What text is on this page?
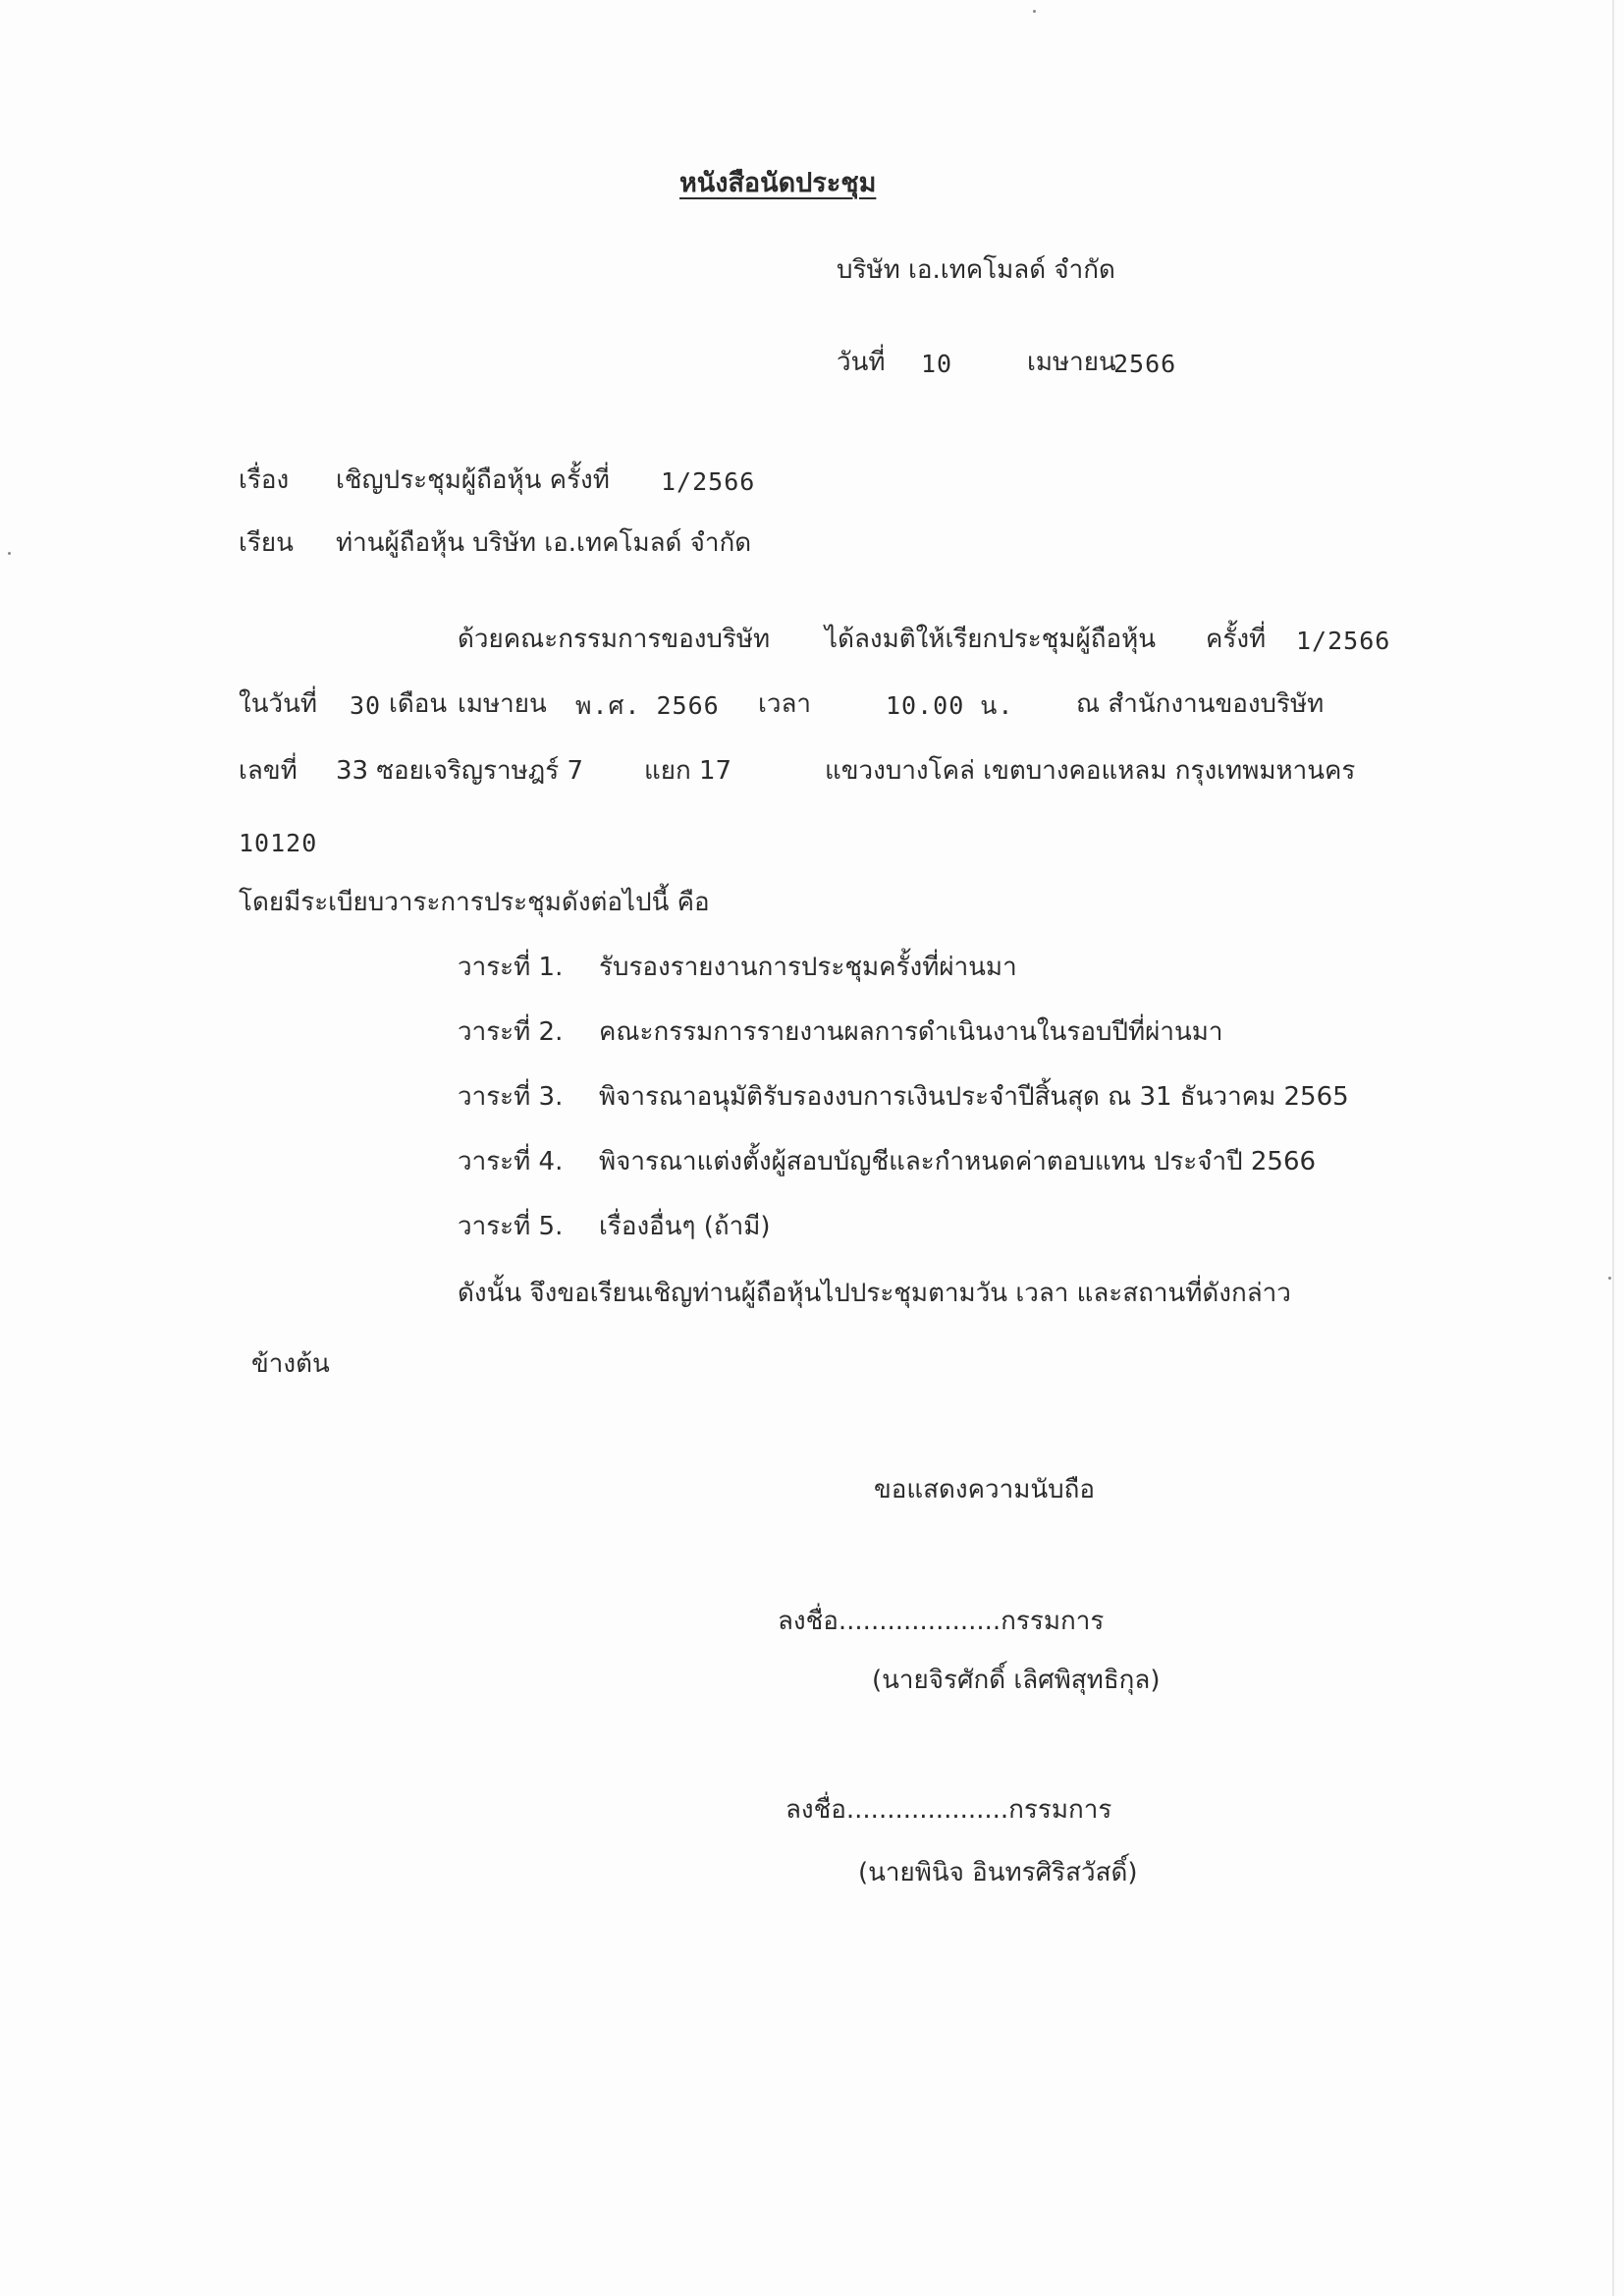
หนังสือนัดประชุม
บริษัท เอ.เทคโมลด์ จำกัด
วันที่ 10	เมษายน
2566
เรื่อง เชิญประชุมผู้ถือหุ้น ครั้งที่ 1/2566
เรียน ท่านผู้ถือหุ้น บริษัท เอ.เทคโมลด์ จำกัด
ด้วยคณะกรรมการของบริษัท ได้ลงมติให้เรียกประชุมผู้ถือหุ้น ครั้งที่ 1/2566
ในวันที่ 30 เดือน เมษายน พ.ศ. 2566 เวลา	10.00 น. ณ สำนักงานของบริษัท
เลขที่ 33 ซอยเจริญราษฎร์ 7 แยก 17	แขวงบางโคล่ เขตบางคอแหลม กรุงเทพมหานคร
10120
โดยมีระเบียบวาระการประชุมดังต่อไปนี้ คือ
วาระที่ 1. รับรองรายงานการประชุมครั้งที่ผ่านมา
วาระที่ 2. คณะกรรมการรายงานผลการดำเนินงานในรอบปีที่ผ่านมา
วาระที่ 3. พิจารณาอนุมัติรับรองงบการเงินประจำปีสิ้นสุด ณ 31 ธันวาคม 2565
วาระที่ 4. พิจารณาแต่งตั้งผู้สอบบัญชีและกำหนดค่าตอบแทน ประจำปี 2566
วาระที่ 5. เรื่องอื่นๆ (ถ้ามี)
ดังนั้น จึงขอเรียนเชิญท่านผู้ถือหุ้นไปประชุมตามวัน เวลา และสถานที่ดังกล่าว
ข้างต้น
ขอแสดงความนับถือ
ลงชื่อ....................กรรมการ
(นายจิรศักดิ์ เลิศพิสุทธิกุล)
ลงชื่อ....................กรรมการ
(นายพินิจ อินทรศิริสวัสดิ์)
